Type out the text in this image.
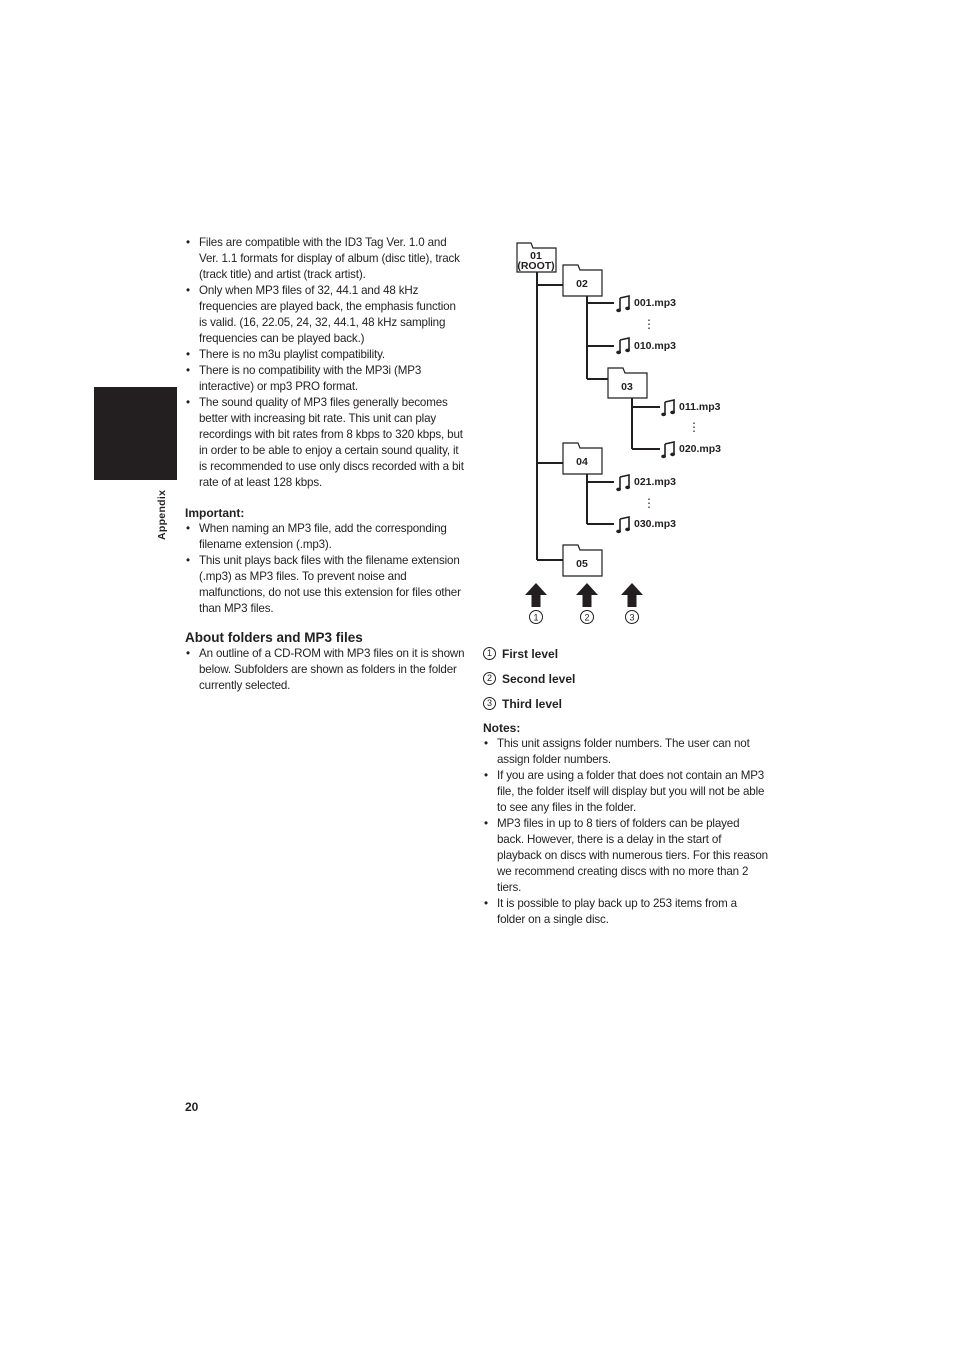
Appendix
• Files are compatible with the ID3 Tag Ver. 1.0 and Ver. 1.1 formats for display of album (disc title), track (track title) and artist (track artist).
• Only when MP3 files of 32, 44.1 and 48 kHz frequencies are played back, the emphasis function is valid. (16, 22.05, 24, 32, 44.1, 48 kHz sampling frequencies can be played back.)
• There is no m3u playlist compatibility.
• There is no compatibility with the MP3i (MP3 interactive) or mp3 PRO format.
• The sound quality of MP3 files generally becomes better with increasing bit rate. This unit can play recordings with bit rates from 8 kbps to 320 kbps, but in order to be able to enjoy a certain sound quality, it is recommended to use only discs recorded with a bit rate of at least 128 kbps.
Important:
• When naming an MP3 file, add the corresponding filename extension (.mp3).
• This unit plays back files with the filename extension (.mp3) as MP3 files. To prevent noise and malfunctions, do not use this extension for files other than MP3 files.
About folders and MP3 files
• An outline of a CD-ROM with MP3 files on it is shown below. Subfolders are shown as folders in the folder currently selected.
01
(ROOT)
02
03
04
05
001.mp3
010.mp3
011.mp3
020.mp3
021.mp3
030.mp3
⋮
⋮
⋮
1	2	3
1 First level
2 Second level
3 Third level
Notes:
• This unit assigns folder numbers. The user can not assign folder numbers.
• If you are using a folder that does not contain an MP3 file, the folder itself will display but you will not be able to see any files in the folder.
• MP3 files in up to 8 tiers of folders can be played back. However, there is a delay in the start of playback on discs with numerous tiers. For this reason we recommend creating discs with no more than 2 tiers.
• It is possible to play back up to 253 items from a folder on a single disc.
20
